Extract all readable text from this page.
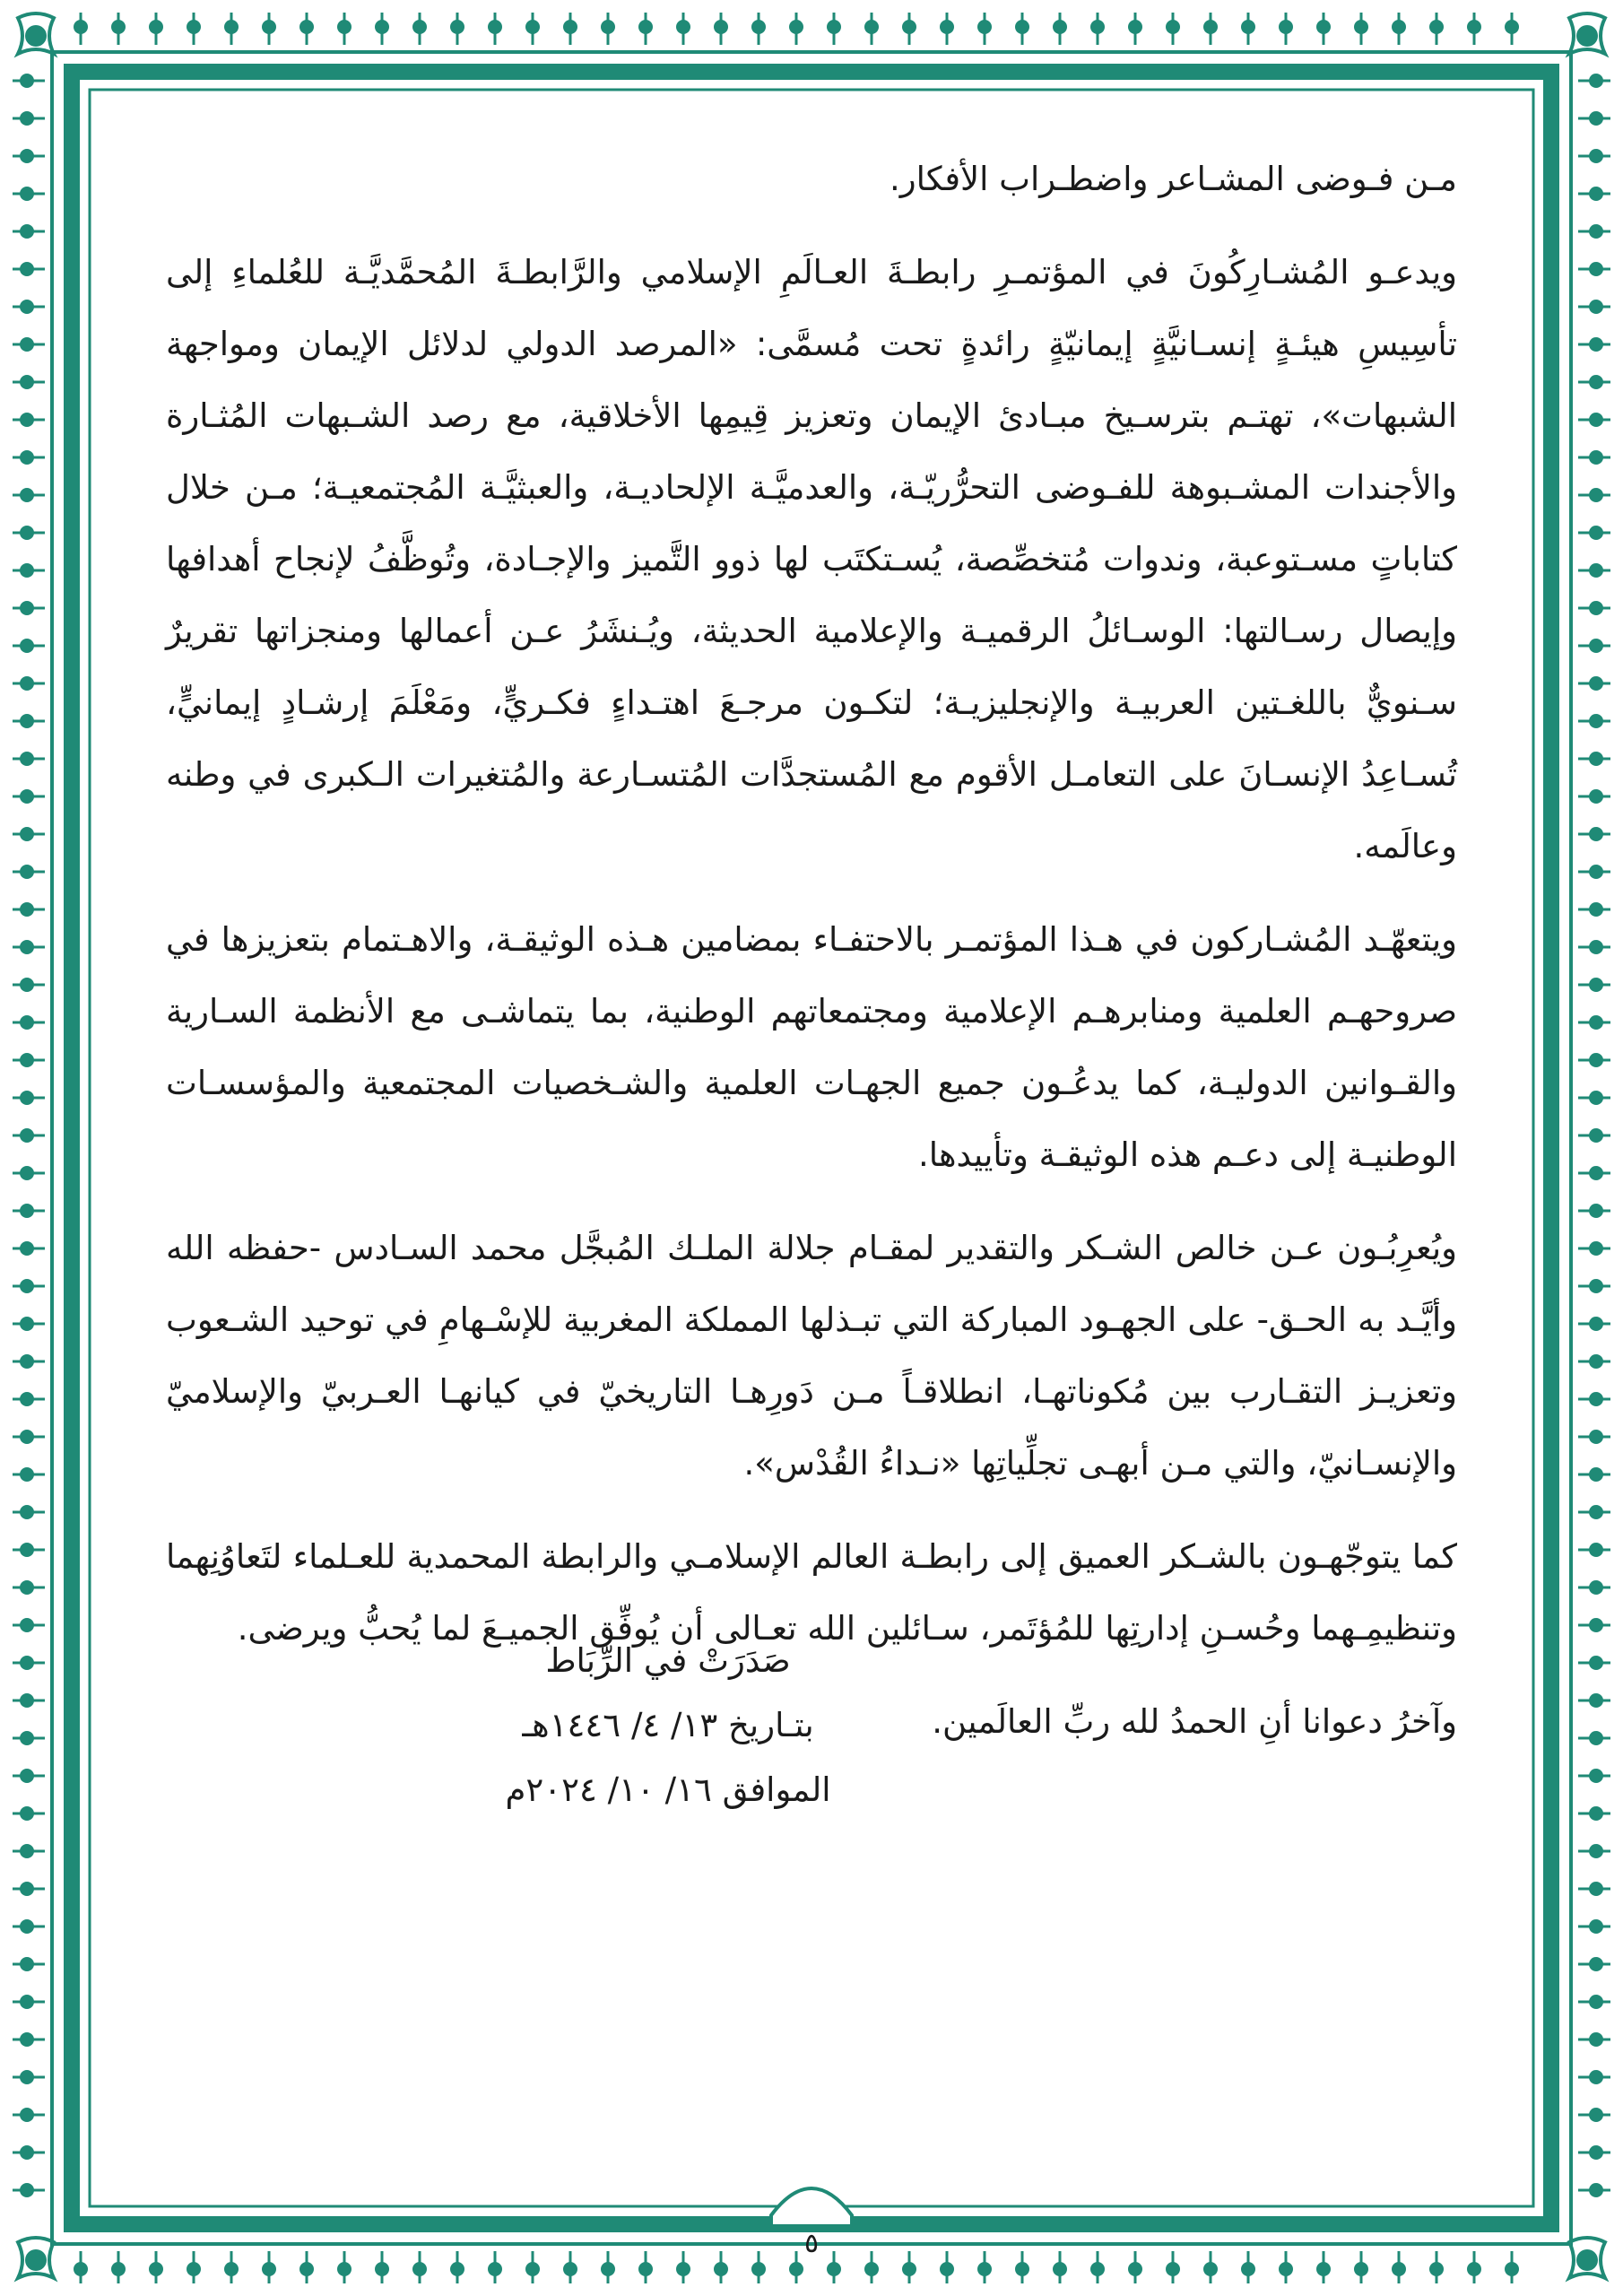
مـن فـوضى المشـاعر واضطـراب الأفكار.

ويدعـو المُشـارِكُونَ في المؤتمـرِ رابطـةَ العـالَمِ الإسلامي والرَّابطـةَ المُحمَّديَّـة للعُلماءِ إلى تأسِيسِ هيئـةٍ إنسـانيَّةٍ إيمانيّةٍ رائدةٍ تحت مُسمَّى: «المرصد الدولي لدلائل الإيمان ومواجهة الشبهات»، تهتـم بترسـيخ مبـادئ الإيمان وتعزيز قِيمِها الأخلاقية، مع رصد الشـبهات المُثـارة والأجندات المشـبوهة للفـوضى التحرُّريّـة، والعدميَّـة الإلحاديـة، والعبثيَّـة المُجتمعيـة؛ مـن خلال كتاباتٍ مسـتوعبة، وندوات مُتخصِّصة، يُسـتكتَب لها ذوو التَّميز والإجـادة، وتُوظَّفُ لإنجاح أهدافها وإيصال رسـالتها: الوسـائلُ الرقميـة والإعلامية الحديثة، ويُـنشَرُ عـن أعمالها ومنجزاتها تقريرٌ سـنويٌّ باللغـتين العربيـة والإنجليزيـة؛ لتكـون مرجـعَ اهتـداءٍ فكـريٍّ، ومَعْلَمَ إرشـادٍ إيمانيٍّ، تُسـاعِدُ الإنسـانَ على التعامـل الأقوم مع المُستجدَّات المُتسـارعة والمُتغيرات الـكبرى في وطنه وعالَمه.

ويتعهّـد المُشـاركون في هـذا المؤتمـر بالاحتفـاء بمضامين هـذه الوثيقـة، والاهـتمام بتعزيزها في صروحهـم العلمية ومنابرهـم الإعلامية ومجتمعاتهم الوطنية، بما يتماشـى مع الأنظمة السـارية والقـوانين الدوليـة، كما يدعُـون جميع الجهـات العلمية والشـخصيات المجتمعية والمؤسسـات الوطنيـة إلى دعـم هذه الوثيقـة وتأييدها.

ويُعرِبُـون عـن خالص الشـكر والتقدير لمقـام جلالة الملـك المُبجَّل محمد السـادس -حفظه الله وأيَّـد به الحـق- على الجهـود المباركة التي تبـذلها المملكة المغربية للإسْـهامِ في توحيد الشـعوب وتعزيـز التقـارب بين مُكوناتهـا، انطلاقـاً مـن دَورِهـا التاريخيّ في كيانهـا العـربيّ والإسلاميّ والإنسـانيّ، والتي مـن أبهـى تجلِّياتِها «نـداءُ القُدْس».

كما يتوجّهـون بالشـكر العميق إلى رابطـة العالم الإسلامـي والرابطة المحمدية للعـلماء لتَعاوُنِهما وتنظيمِـهما وحُسـنِ إدارتِها للمُؤتَمر، سـائلين الله تعـالى أن يُوفِّق الجميـعَ لما يُحبُّ ويرضى.

وآخرُ دعوانا أنِ الحمدُ لله ربِّ العالَمين.

صَدَرَتْ في الرِّبَاط
بتـاريخ ١٣/ ٤/ ١٤٤٦هـ
الموافق ١٦/ ١٠/ ٢٠٢٤م
٥
